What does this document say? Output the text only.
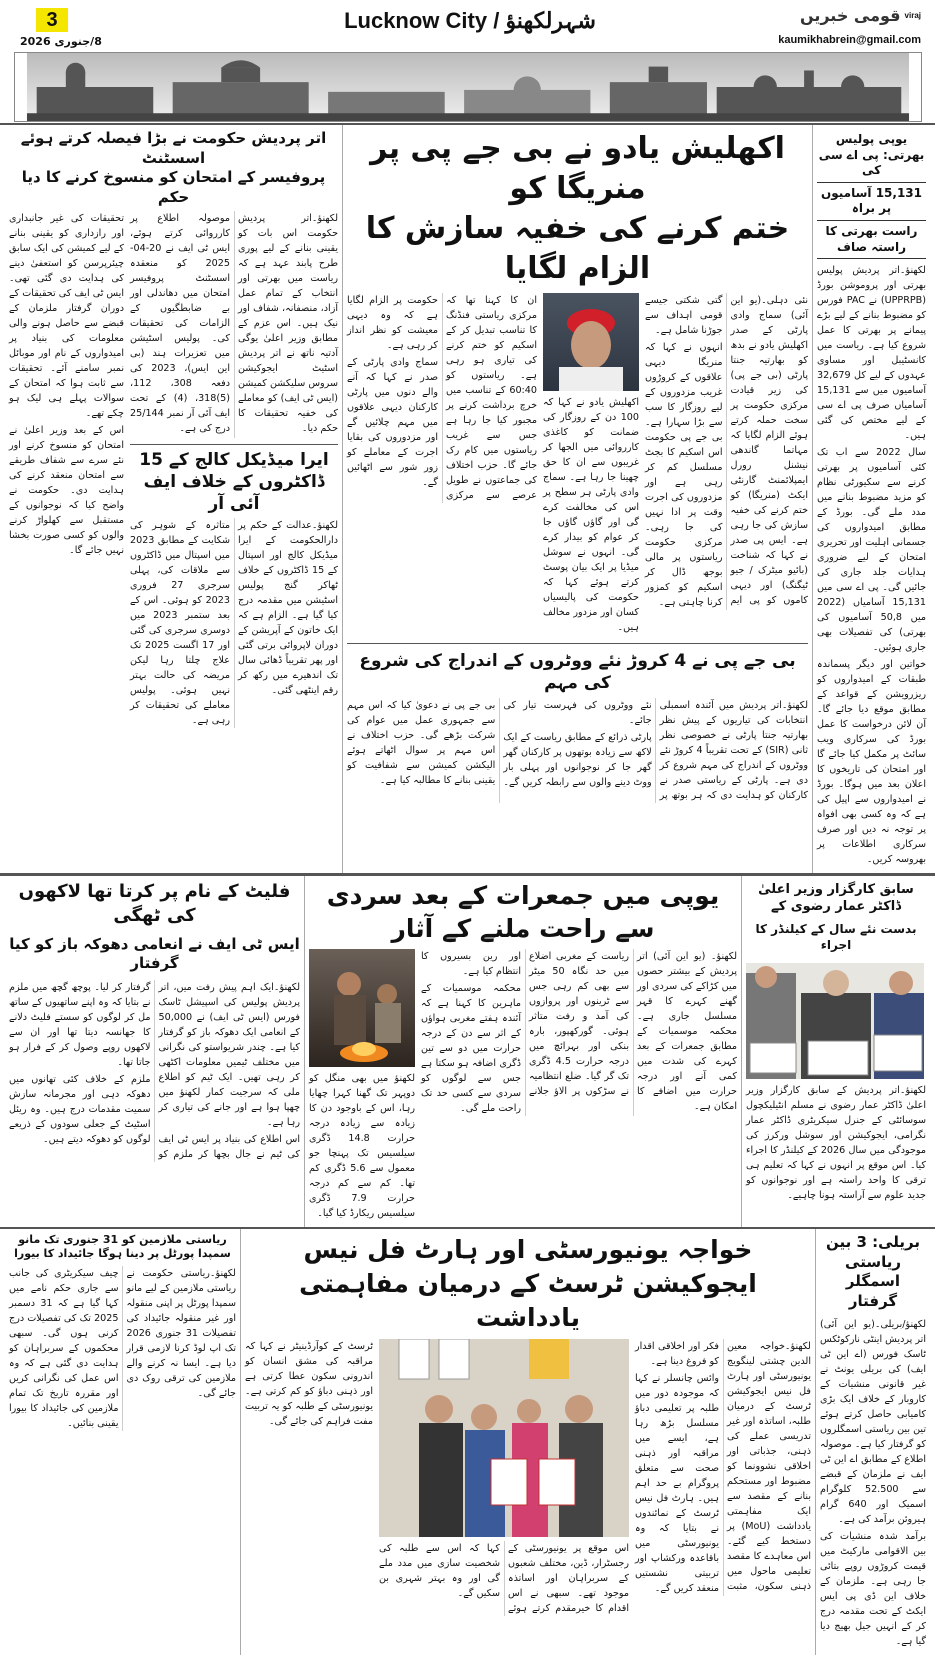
3
8/جنوری 2026
Lucknow City / شہرلکھنؤ	قومی خبریں viraj
kaumikhabrein@gmail.com
اتر پردیش حکومت نے بڑا فیصلہ کرتے ہوئے اسسٹنٹ
پروفیسر کے امتحان کو منسوخ کرنے کا دیا حکم

تحقیقات کی غیر جانبداری اور رازداری کو یقینی بنانے کے لیے کمیشن کی ایک سابق چیئرپرسن کو استعفیٰ دینے کی ہدایت دی گئی تھی۔ ایس ٹی ایف کی تحقیقات کے دوران گرفتار ملزمان کے قبضے سے حاصل ہونے والی معلومات کی بنیاد پر امیدواروں کے نام اور موبائل نمبر سامنے آئے۔ تحقیقات سے ثابت ہوا کہ امتحان کے سوالات پہلے ہی لیک ہو چکے تھے۔

اس کے بعد وزیر اعلیٰ نے امتحان کو منسوخ کرنے اور نئے سرے سے شفاف طریقے سے امتحان منعقد کرنے کی ہدایت دی۔ حکومت نے واضح کیا کہ نوجوانوں کے مستقبل سے کھلواڑ کرنے والوں کو کسی صورت بخشا نہیں جائے گا۔

لکھنؤ۔اتر پردیش حکومت اس بات کو یقینی بنانے کے لیے پوری طرح پابند عہد ہے کہ ریاست میں بھرتی اور انتخاب کے تمام عمل آزاد، منصفانہ، شفاف اور نیک ہیں۔ اس عزم کے مطابق وزیر اعلیٰ یوگی آدتیہ ناتھ نے اتر پردیش اسٹیٹ ایجوکیشن سروس سلیکشن کمیشن (ایس ٹی ایف) کو معاملے کی خفیہ تحقیقات کا حکم دیا۔

موصولہ اطلاع پر کارروائی کرتے ہوئے، ایس ٹی ایف نے 20-04-2025 کو منعقدہ اسسٹنٹ پروفیسر امتحان میں دھاندلی اور بے ضابطگیوں کے الزامات کی تحقیقات کی۔ پولیس اسٹیشن میں تعزیرات ہند (بی این ایس)، 2023 کی دفعہ 308، 112، (5)318، (4) کے تحت ایف آئی آر نمبر 25/144 درج کی ہے۔

ایرا میڈیکل کالج کے 15
ڈاکٹروں کے خلاف ایف آئی آر

لکھنؤ۔عدالت کے حکم پر دارالحکومت کے ایرا میڈیکل کالج اور اسپتال کے 15 ڈاکٹروں کے خلاف ٹھاکر گنج پولیس اسٹیشن میں مقدمہ درج کیا گیا ہے۔ الزام ہے کہ ایک خاتون کے آپریشن کے دوران لاپروائی برتی گئی اور پھر تقریباً ڈھائی سال تک اندھیرے میں رکھ کر رقم اینٹھی گئی۔

متاثرہ کے شوہر کی شکایت کے مطابق 2023 میں اسپتال میں ڈاکٹروں سے ملاقات کی، پہلی سرجری 27 فروری 2023 کو ہوئی۔ اس کے بعد ستمبر 2023 میں دوسری سرجری کی گئی اور 17 اگست 2025 تک علاج چلتا رہا لیکن مریضہ کی حالت بہتر نہیں ہوئی۔ پولیس معاملے کی تحقیقات کر رہی ہے۔

اکھلیش یادو نے بی جے پی پر منریگا کو
ختم کرنے کی خفیہ سازش کا الزام لگایا

ان کا کہنا تھا کہ مرکزی ریاستی فنڈنگ کا تناسب تبدیل کر کے اسکیم کو ختم کرنے کی تیاری ہو رہی ہے۔ ریاستوں کو 60:40 کے تناسب میں خرچ برداشت کرنے پر مجبور کیا جا رہا ہے جس سے غریب ریاستوں میں کام رک جائے گا۔ حزب اختلاف کی جماعتوں نے طویل عرصے سے مرکزی حکومت پر الزام لگایا ہے کہ وہ دیہی معیشت کو نظر انداز کر رہی ہے۔

سماج وادی پارٹی کے صدر نے کہا کہ آنے والے دنوں میں پارٹی کارکنان دیہی علاقوں میں مہم چلائیں گے اور مزدوروں کی بقایا اجرت کے معاملے کو زور شور سے اٹھائیں گے۔

اکھلیش یادو نے کہا کہ 100 دن کے روزگار کی ضمانت کو کاغذی کارروائی میں الجھا کر غریبوں سے ان کا حق چھینا جا رہا ہے۔ سماج وادی پارٹی ہر سطح پر اس کی مخالفت کرے گی اور گاؤں گاؤں جا کر عوام کو بیدار کرے گی۔ انہوں نے سوشل میڈیا پر ایک بیان پوسٹ کرتے ہوئے کہا کہ حکومت کی پالیسیاں کسان اور مزدور مخالف ہیں۔

نئی دہلی۔(یو این آئی) سماج وادی پارٹی کے صدر اکھلیش یادو نے بدھ کو بھارتیہ جنتا پارٹی (بی جے پی) کی زیر قیادت مرکزی حکومت پر سخت حملہ کرتے ہوئے الزام لگایا کہ مہاتما گاندھی نیشنل رورل ایمپلائمنٹ گارنٹی ایکٹ (منریگا) کو ختم کرنے کی خفیہ سازش کی جا رہی ہے۔ ایس پی صدر نے کہا کہ شناخت (بائیو میٹرک / جیو ٹیگنگ) اور دیہی کاموں کو پی ایم گتی شکتی جیسے قومی اہداف سے جوڑنا شامل ہے۔

انہوں نے کہا کہ منریگا دیہی علاقوں کے کروڑوں غریب مزدوروں کے لیے روزگار کا سب سے بڑا سہارا ہے۔ بی جے پی حکومت اس اسکیم کا بجٹ مسلسل کم کر رہی ہے اور مزدوروں کی اجرت وقت پر ادا نہیں کی جا رہی۔ مرکزی حکومت ریاستوں پر مالی بوجھ ڈال کر اسکیم کو کمزور کرنا چاہتی ہے۔

بی جے پی نے 4 کروڑ نئے ووٹروں کے اندراج کی شروع کی مہم

لکھنؤ۔اتر پردیش میں آئندہ اسمبلی انتخابات کی تیاریوں کے پیش نظر بھارتیہ جنتا پارٹی نے خصوصی نظر ثانی (SIR) کے تحت تقریباً 4 کروڑ نئے ووٹروں کے اندراج کی مہم شروع کر دی ہے۔ پارٹی کے ریاستی صدر نے کارکنان کو ہدایت دی کہ ہر بوتھ پر نئے ووٹروں کی فہرست تیار کی جائے۔

پارٹی ذرائع کے مطابق ریاست کے ایک لاکھ سے زیادہ بوتھوں پر کارکنان گھر گھر جا کر نوجوانوں اور پہلی بار ووٹ دینے والوں سے رابطہ کریں گے۔ بی جے پی نے دعویٰ کیا کہ اس مہم سے جمہوری عمل میں عوام کی شرکت بڑھے گی۔ حزب اختلاف نے اس مہم پر سوال اٹھاتے ہوئے الیکشن کمیشن سے شفافیت کو یقینی بنانے کا مطالبہ کیا ہے۔

یوپی پولیس بھرتی: پی اے سی کی
15,131 آسامیوں پر براہ
راست بھرتی کا راستہ صاف

لکھنؤ۔اتر پردیش پولیس بھرتی اور پروموشن بورڈ (UPPRPB) نے PAC فورس کو مضبوط بنانے کے لیے بڑے پیمانے پر بھرتی کا عمل شروع کیا ہے۔ ریاست میں کانسٹیبل اور مساوی عہدوں کے لیے کل 32,679 آسامیوں میں سے 15,131 آسامیاں صرف پی اے سی کے لیے مختص کی گئی ہیں۔

سال 2022 سے اب تک کئی آسامیوں پر بھرتی کرنے سے سکیورٹی نظام کو مزید مضبوط بنانے میں مدد ملے گی۔ بورڈ کے مطابق امیدواروں کی جسمانی اہلیت اور تحریری امتحان کے لیے ضروری ہدایات جلد جاری کی جائیں گی۔ پی اے سی میں 15,131 آسامیاں (2022 میں 50,8 آسامیوں کی بھرتی) کی تفصیلات بھی جاری ہوئیں۔

خواتین اور دیگر پسماندہ طبقات کے امیدواروں کو ریزرویشن کے قواعد کے مطابق موقع دیا جائے گا۔ آن لائن درخواست کا عمل بورڈ کی سرکاری ویب سائٹ پر مکمل کیا جائے گا اور امتحان کی تاریخوں کا اعلان بعد میں ہوگا۔ بورڈ نے امیدواروں سے اپیل کی ہے کہ وہ کسی بھی افواہ پر توجہ نہ دیں اور صرف سرکاری اطلاعات پر بھروسہ کریں۔

فلیٹ کے نام پر کرتا تھا لاکھوں کی ٹھگی
ایس ٹی ایف نے انعامی دھوکہ باز کو کیا گرفتار

لکھنؤ۔ایک اہم پیش رفت میں، اتر پردیش پولیس کی اسپیشل ٹاسک فورس (ایس ٹی ایف) نے 50,000 کے انعامی ایک دھوکہ باز کو گرفتار کیا ہے۔ چندر شریواستو کی نگرانی میں مختلف ٹیمیں معلومات اکٹھی کر رہی تھیں۔ ایک ٹیم کو اطلاع ملی کہ سرجیت کمار لکھنؤ میں چھپا ہوا ہے اور جانے کی تیاری کر رہا ہے۔

اس اطلاع کی بنیاد پر ایس ٹی ایف کی ٹیم نے جال بچھا کر ملزم کو گرفتار کر لیا۔ پوچھ گچھ میں ملزم نے بتایا کہ وہ اپنے ساتھیوں کے ساتھ مل کر لوگوں کو سستے فلیٹ دلانے کا جھانسہ دیتا تھا اور ان سے لاکھوں روپے وصول کر کے فرار ہو جاتا تھا۔

ملزم کے خلاف کئی تھانوں میں دھوکہ دہی اور مجرمانہ سازش سمیت مقدمات درج ہیں۔ وہ ریئل اسٹیٹ کے جعلی سودوں کے ذریعے لوگوں کو دھوکہ دیتے ہیں۔

یوپی میں جمعرات کے بعد سردی سے راحت ملنے کے آثار

لکھنؤ میں بھی منگل کو دوپہر تک گھنا کہرا چھایا رہا، اس کے باوجود دن کا زیادہ سے زیادہ درجہ حرارت 14.8 ڈگری سیلسیس تک پہنچا جو معمول سے 5.6 ڈگری کم تھا۔ کم سے کم درجہ حرارت 7.9 ڈگری سیلسیس ریکارڈ کیا گیا۔

لکھنؤ۔ (یو این آئی) اتر پردیش کے بیشتر حصوں میں کڑاکے کی سردی اور گھنے کہرے کا قہر مسلسل جاری ہے۔ محکمہ موسمیات کے مطابق جمعرات کے بعد کہرے کی شدت میں کمی آنے اور درجہ حرارت میں اضافے کا امکان ہے۔

ریاست کے مغربی اضلاع میں حد نگاہ 50 میٹر سے بھی کم رہی جس سے ٹرینوں اور پروازوں کی آمد و رفت متاثر ہوئی۔ گورکھپور، بارہ بنکی اور بہرائچ میں درجہ حرارت 4.5 ڈگری تک گر گیا۔ ضلع انتظامیہ نے سڑکوں پر الاؤ جلانے اور رین بسیروں کا انتظام کیا ہے۔

محکمہ موسمیات کے ماہرین کا کہنا ہے کہ آئندہ ہفتے مغربی ہواؤں کے اثر سے دن کے درجہ حرارت میں دو سے تین ڈگری اضافہ ہو سکتا ہے جس سے لوگوں کو سردی سے کسی حد تک راحت ملے گی۔

سابق کارگزار وزیر اعلیٰ ڈاکٹر عمار رضوی کے
بدست نئے سال کے کیلنڈر کا اجراء

لکھنؤ۔اتر پردیش کے سابق کارگزار وزیر اعلیٰ ڈاکٹر عمار رضوی نے مسلم انٹیلیکچول سوسائٹی کے جنرل سیکریٹری ڈاکٹر عمار نگرامی، ایجوکیشن اور سوشل ورکرز کی موجودگی میں سال 2026 کے کیلنڈر کا اجراء کیا۔ اس موقع پر انہوں نے کہا کہ تعلیم ہی ترقی کا واحد راستہ ہے اور نوجوانوں کو جدید علوم سے آراستہ ہونا چاہیے۔

ریاستی ملازمین کو 31 جنوری تک مانو
سمپدا پورٹل پر دینا ہوگا جائیداد کا بیورا

لکھنؤ۔ریاستی حکومت نے ریاستی ملازمین کے لیے مانو سمپدا پورٹل پر اپنی منقولہ اور غیر منقولہ جائیداد کی تفصیلات 31 جنوری 2026 تک اپ لوڈ کرنا لازمی قرار دیا ہے۔ ایسا نہ کرنے والے ملازمین کی ترقی روک دی جائے گی۔

چیف سیکریٹری کی جانب سے جاری حکم نامے میں کہا گیا ہے کہ 31 دسمبر 2025 تک کی تفصیلات درج کرنی ہوں گی۔ سبھی محکموں کے سربراہان کو ہدایت دی گئی ہے کہ وہ اس عمل کی نگرانی کریں اور مقررہ تاریخ تک تمام ملازمین کی جائیداد کا بیورا یقینی بنائیں۔

خواجہ یونیورسٹی اور ہارٹ فل نیس ایجوکیشن ٹرسٹ کے درمیان مفاہمتی یادداشت

ٹرسٹ کے کوآرڈینیٹر نے کہا کہ مراقبہ کی مشق انسان کو اندرونی سکون عطا کرتی ہے اور ذہنی دباؤ کو کم کرتی ہے۔ یونیورسٹی کے طلبہ کو یہ تربیت مفت فراہم کی جائے گی۔

اس موقع پر یونیورسٹی کے رجسٹرار، ڈین، مختلف شعبوں کے سربراہان اور اساتذہ موجود تھے۔ سبھی نے اس اقدام کا خیرمقدم کرتے ہوئے کہا کہ اس سے طلبہ کی شخصیت سازی میں مدد ملے گی اور وہ بہتر شہری بن سکیں گے۔

لکھنؤ۔خواجہ معین الدین چشتی لینگویج یونیورسٹی اور ہارٹ فل نیس ایجوکیشن ٹرسٹ کے درمیان طلبہ، اساتذہ اور غیر تدریسی عملے کی ذہنی، جذباتی اور اخلاقی نشوونما کو مضبوط اور مستحکم بنانے کے مقصد سے ایک مفاہمتی یادداشت (MoU) پر دستخط کیے گئے۔ اس معاہدے کا مقصد تعلیمی ماحول میں ذہنی سکون، مثبت فکر اور اخلاقی اقدار کو فروغ دینا ہے۔

وائس چانسلر نے کہا کہ موجودہ دور میں طلبہ پر تعلیمی دباؤ مسلسل بڑھ رہا ہے، ایسے میں مراقبہ اور ذہنی صحت سے متعلق پروگرام بے حد اہم ہیں۔ ہارٹ فل نیس ٹرسٹ کے نمائندوں نے بتایا کہ وہ یونیورسٹی میں باقاعدہ ورکشاپ اور تربیتی نشستیں منعقد کریں گے۔

بریلی: 3 بین ریاستی
اسمگلر گرفتار

لکھنؤ/بریلی۔(یو این آئی) اتر پردیش اینٹی نارکوٹکس ٹاسک فورس (اے این ٹی ایف) کی بریلی یونٹ نے غیر قانونی منشیات کے کاروبار کے خلاف ایک بڑی کامیابی حاصل کرتے ہوئے تین بین ریاستی اسمگلروں کو گرفتار کیا ہے۔ موصولہ اطلاع کے مطابق اے این ٹی ایف نے ملزمان کے قبضے سے 52.500 کلوگرام اسمیک اور 640 گرام ہیروئن برآمد کی ہے۔

برآمد شدہ منشیات کی بین الاقوامی مارکیٹ میں قیمت کروڑوں روپے بتائی جا رہی ہے۔ ملزمان کے خلاف این ڈی پی ایس ایکٹ کے تحت مقدمہ درج کر کے انہیں جیل بھیج دیا گیا ہے۔
